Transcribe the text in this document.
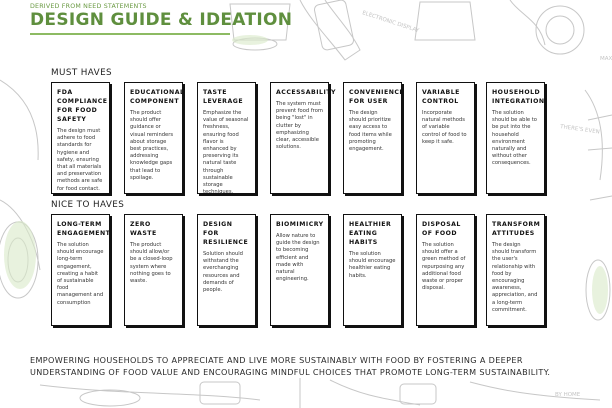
ELECTRONIC DISPLAY
THERE'S EVEN
MAX
BY HOME
DERIVED FROM NEED STATEMENTS
DESIGN GUIDE & IDEATION
MUST HAVES
FDA COMPLIANCE FOR FOOD SAFETY
The design must adhere to food standards for hygiene and safety, ensuring that all materials and preservation methods are safe for food contact.
EDUCATIONAL COMPONENT
The product should offer guidance or visual reminders about storage best practices, addressing knowledge gaps that lead to spoilage.
TASTE LEVERAGE
Emphasize the value of seasonal freshness, ensuring food flavor is enhanced by preserving its natural taste through sustainable storage techniques.
ACCESSABILITY
The system must prevent food from being "lost" in clutter by emphasizing clear, accessible solutions.
CONVENIENCE FOR USER
The design should prioritize easy access to food items while promoting engagement.
VARIABLE CONTROL
Incorporate natural methods of variable control of food to keep it safe.
HOUSEHOLD INTEGRATION
The solution should be able to be put into the household environment naturally and without other consequences.
NICE TO HAVES
LONG-TERM ENGAGEMENT
The solution should encourage long-term engagement, creating a habit of sustainable food management and consumption
ZERO WASTE
The product should allow/or be a closed-loop system where nothing goes to waste.
DESIGN FOR RESILIENCE
Solution should withstand the everchanging resources and demands of people.
BIOMIMICRY
Allow nature to guide the design to becoming efficient and made with natural engineering.
HEALTHIER EATING HABITS
The solution should encourage healthier eating habits.
DISPOSAL OF FOOD
The solution should offer a green method of repurposing any additional food waste or proper disposal.
TRANSFORM ATTITUDES
The design should transform the user's relationship with food by encouraging awareness, appreciation, and a long-term commitment.
EMPOWERING HOUSEHOLDS TO APPRECIATE AND LIVE MORE SUSTAINABLY WITH FOOD BY FOSTERING A DEEPER UNDERSTANDING OF FOOD VALUE AND ENCOURAGING MINDFUL CHOICES THAT PROMOTE LONG-TERM SUSTAINABILITY.
